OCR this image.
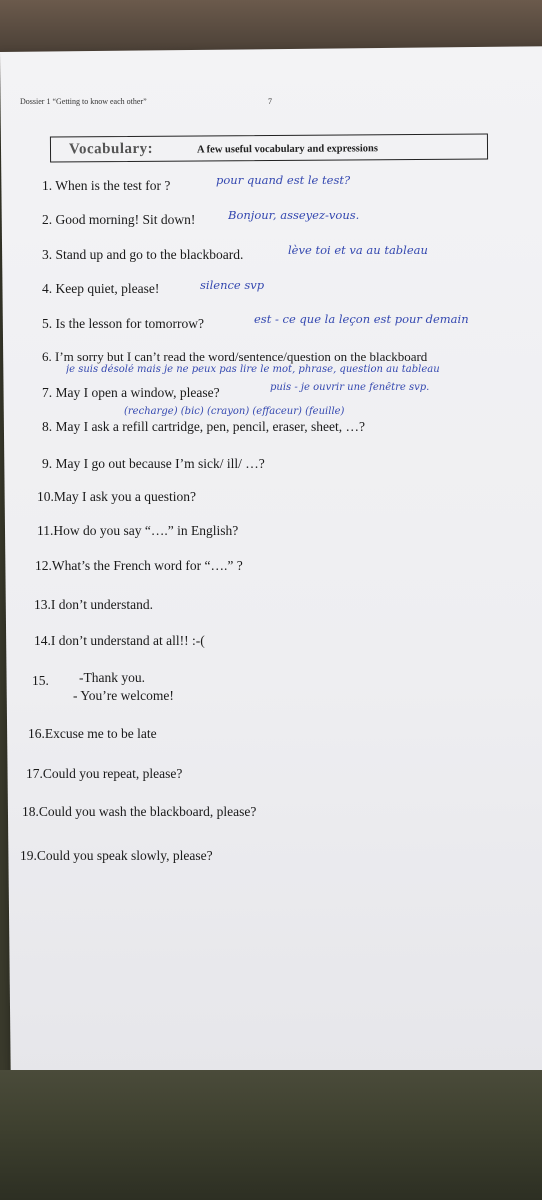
Dossier 1 “Getting to know each other”	7
Vocabulary:	A few useful vocabulary and expressions
1. When is the test for ?	pour quand est le test?
2. Good morning! Sit down!	Bonjour, asseyez-vous.
3. Stand up and go to the blackboard.	lève toi et va au tableau
4. Keep quiet, please!	silence svp
5. Is the lesson for tomorrow?	est - ce que la leçon est pour demain
6. I’m sorry but I can’t read the word/sentence/question on the blackboard
je suis désolé mais je ne peux pas lire le mot, phrase, question au tableau
7. May I open a window, please?	puis - je ouvrir une fenêtre svp.
(recharge) (bic) (crayon) (effaceur) (feuille)
8. May I ask a refill cartridge, pen, pencil, eraser, sheet, …?
9. May I go out because I’m sick/ ill/ …?
10.May I ask you a question?
11.How do you say “….” in English?
12.What’s the French word for “….” ?
13.I don’t understand.
14.I don’t understand at all!! :-(
15. -Thank you.
- You’re welcome!
16.Excuse me to be late
17.Could you repeat, please?
18.Could you wash the blackboard, please?
19.Could you speak slowly, please?
